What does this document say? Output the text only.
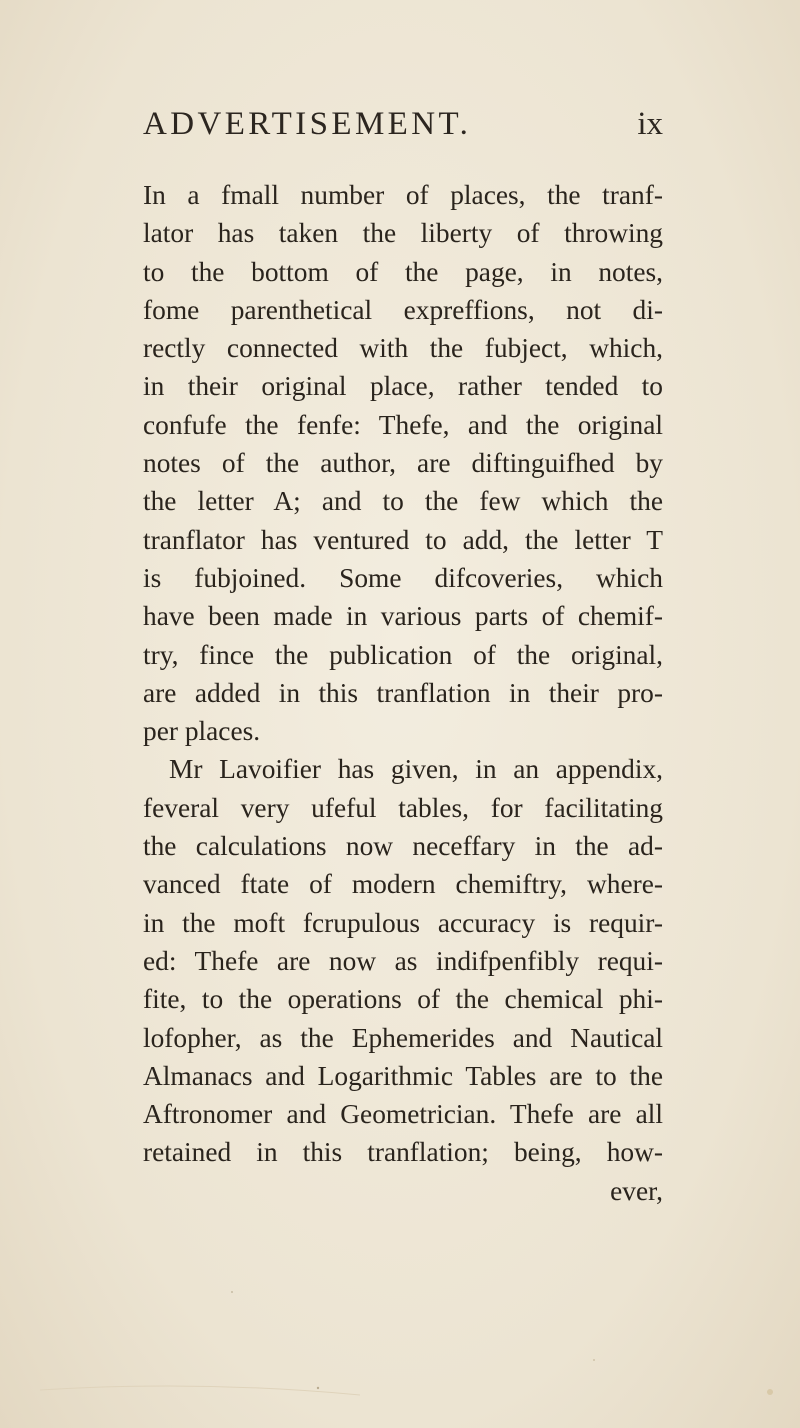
ADVERTISEMENT.	ix
In a fmall number of places, the tranf-
lator has taken the liberty of throwing
to the bottom of the page, in notes,
fome parenthetical expreffions, not di-
rectly connected with the fubject, which,
in their original place, rather tended to
confufe the fenfe: Thefe, and the original
notes of the author, are diftinguifhed by
the letter A; and to the few which the
tranflator has ventured to add, the letter T
is fubjoined. Some difcoveries, which
have been made in various parts of chemif-
try, fince the publication of the original,
are added in this tranflation in their pro-
per places.
Mr Lavoifier has given, in an appendix,
feveral very ufeful tables, for facilitating
the calculations now neceffary in the ad-
vanced ftate of modern chemiftry, where-
in the moft fcrupulous accuracy is requir-
ed: Thefe are now as indifpenfibly requi-
fite, to the operations of the chemical phi-
lofopher, as the Ephemerides and Nautical
Almanacs and Logarithmic Tables are to the
Aftronomer and Geometrician. Thefe are all
retained in this tranflation; being, how-
ever,
